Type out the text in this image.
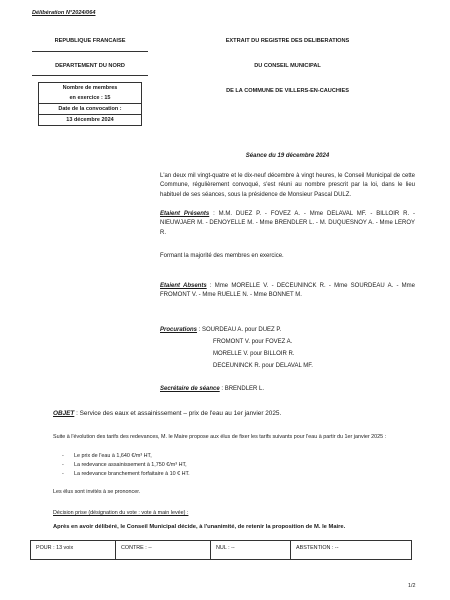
Délibération N°2024/064
REPUBLIQUE FRANCAISE
DEPARTEMENT DU NORD
Nombre de membres
en exercice : 15
Date de la convocation :
13 décembre 2024
EXTRAIT DU REGISTRE DES DELIBERATIONS
DU CONSEIL MUNICIPAL
DE LA COMMUNE DE VILLERS-EN-CAUCHIES
Séance du 19 décembre 2024
L'an deux mil vingt-quatre et le dix-neuf décembre à vingt heures, le Conseil Municipal de cette Commune, régulièrement convoqué, s'est réuni au nombre prescrit par la loi, dans le lieu habituel de ses séances, sous la présidence de Monsieur Pascal DULZ.
Etaient Présents : M.M. DUEZ P. - FOVEZ A. - Mme DELAVAL MF. - BILLOIR R. - NIEUWJAER M. - DENOYELLE M. - Mme BRENDLER L. - M. DUQUESNOY A. - Mme LEROY R.
Formant la majorité des membres en exercice.
Etaient Absents : Mme MORELLE V. - DECEUNINCK R. - Mme SOURDEAU A. - Mme FROMONT V. - Mme RUELLE N. - Mme BONNET M.
Procurations : SOURDEAU A. pour DUEZ P.
FROMONT V. pour FOVEZ A.
MORELLE V. pour BILLOIR R.
DECEUNINCK R. pour DELAVAL MF.
Secrétaire de séance : BRENDLER L.
OBJET : Service des eaux et assainissement – prix de l'eau au 1er janvier 2025.
Suite à l'évolution des tarifs des redevances, M. le Maire propose aux élus de fixer les tarifs suivants pour l'eau à partir du 1er janvier 2025 :
- Le prix de l'eau à 1,640 €/m³ HT,
- La redevance assainissement à 1,750 €/m³ HT,
- La redevance branchement forfaitaire à 10 € HT.
Les élus sont invités à se prononcer.
Décision prise (désignation du vote : vote à main levée) :
Après en avoir délibéré, le Conseil Municipal décide, à l'unanimité, de retenir la proposition de M. le Maire.
POUR : 13 voix	CONTRE : --	NUL : --	ABSTENTION : --
1/2
